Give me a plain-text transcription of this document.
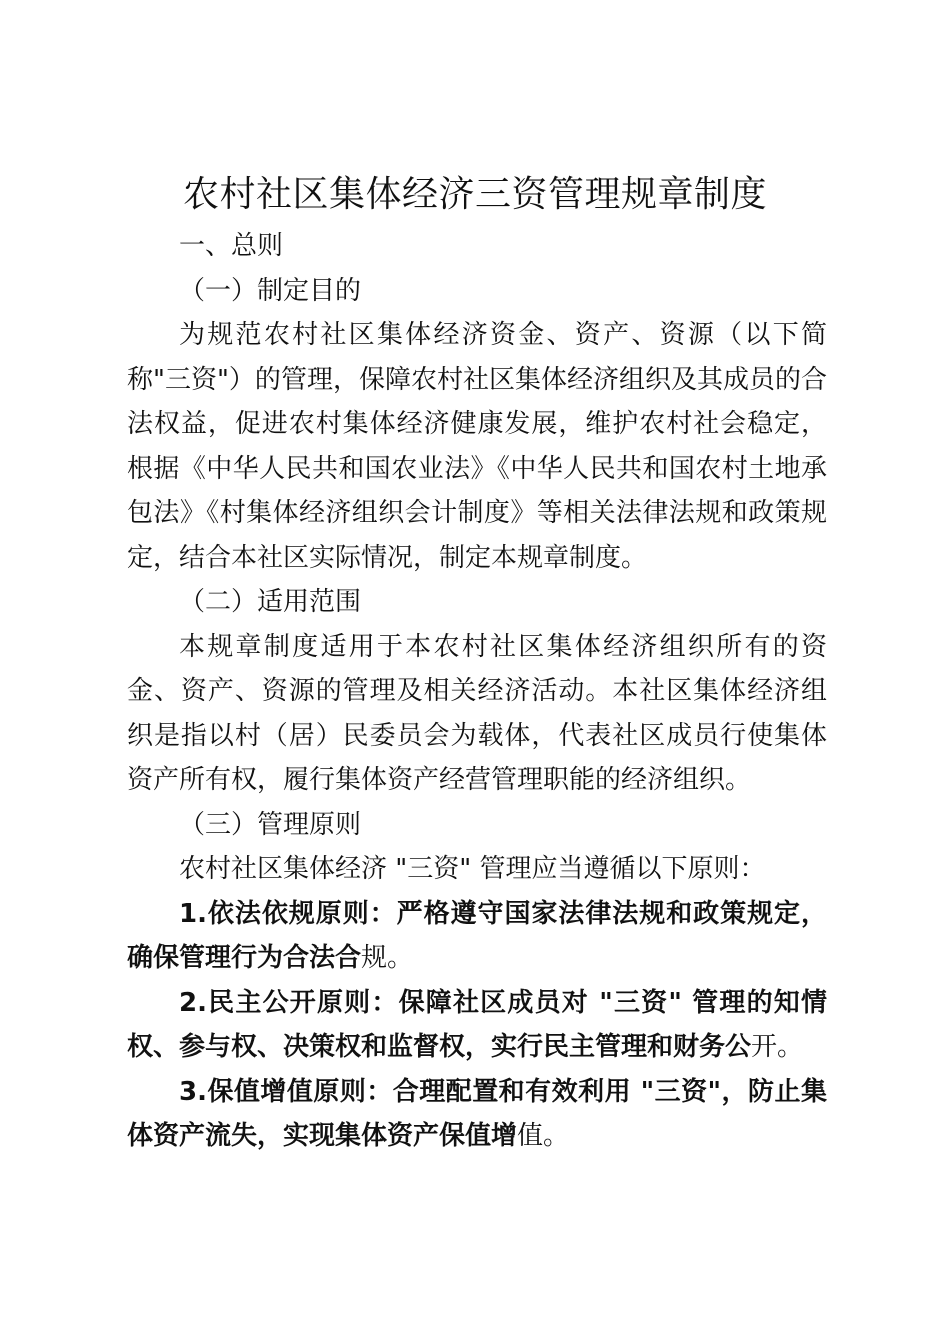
农村社区集体经济三资管理规章制度

一、总则

（一）制定目的

为规范农村社区集体经济资金、资产、资源（以下简称"三资"）的管理，保障农村社区集体经济组织及其成员的合法权益，促进农村集体经济健康发展，维护农村社会稳定，根据《中华人民共和国农业法》《中华人民共和国农村土地承包法》《村集体经济组织会计制度》等相关法律法规和政策规定，结合本社区实际情况，制定本规章制度。

（二）适用范围

本规章制度适用于本农村社区集体经济组织所有的资金、资产、资源的管理及相关经济活动。本社区集体经济组织是指以村（居）民委员会为载体，代表社区成员行使集体资产所有权，履行集体资产经营管理职能的经济组织。

（三）管理原则

农村社区集体经济 "三资" 管理应当遵循以下原则：

1.依法依规原则：严格遵守国家法律法规和政策规定，确保管理行为合法合规。

2.民主公开原则：保障社区成员对 "三资" 管理的知情权、参与权、决策权和监督权，实行民主管理和财务公开。

3.保值增值原则：合理配置和有效利用 "三资"，防止集体资产流失，实现集体资产保值增值。
